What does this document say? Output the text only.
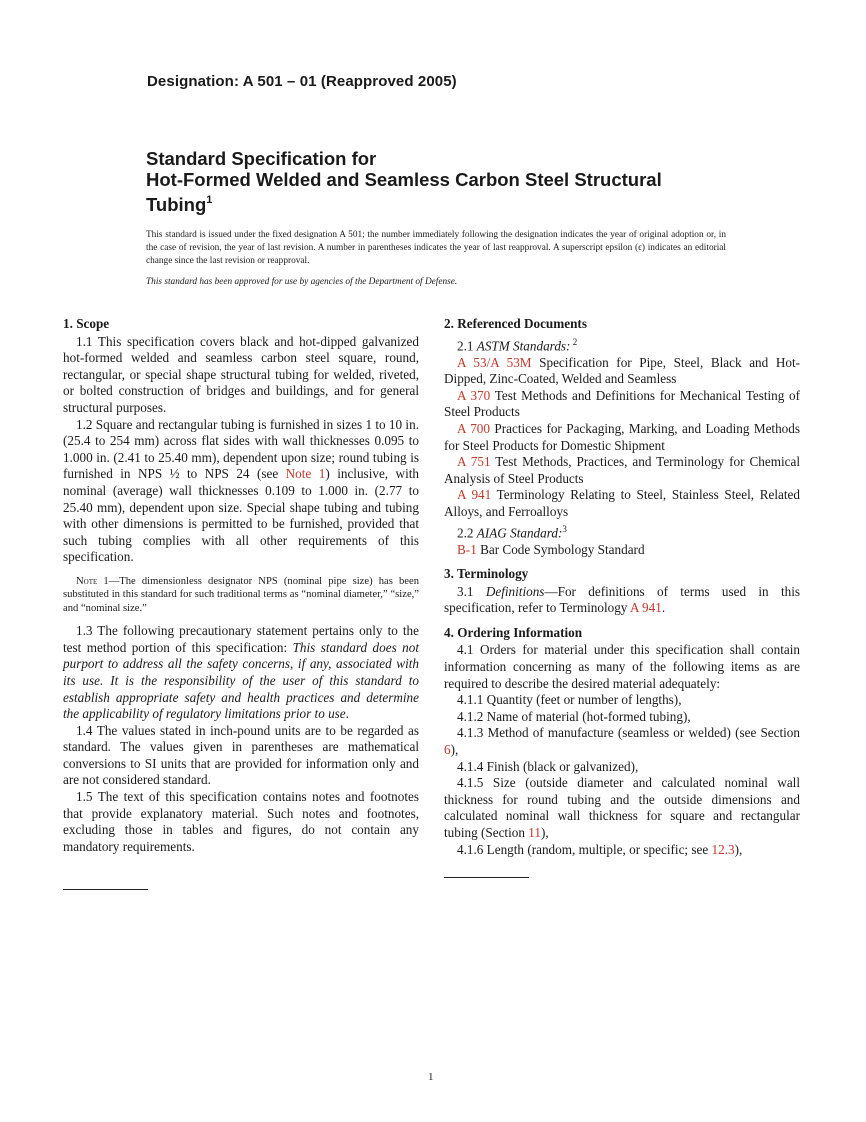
Designation: A 501 – 01 (Reapproved 2005)
Standard Specification for
Hot-Formed Welded and Seamless Carbon Steel Structural
Tubing$^1$
This standard is issued under the fixed designation A 501; the number immediately following the designation indicates the year of original adoption or, in the case of revision, the year of last revision. A number in parentheses indicates the year of last reapproval. A superscript epsilon (ϵ) indicates an editorial change since the last revision or reapproval.
This standard has been approved for use by agencies of the Department of Defense.
1. Scope

1.1 This specification covers black and hot-dipped galvanized hot-formed welded and seamless carbon steel square, round, rectangular, or special shape structural tubing for welded, riveted, or bolted construction of bridges and buildings, and for general structural purposes.

1.2 Square and rectangular tubing is furnished in sizes 1 to 10 in. (25.4 to 254 mm) across flat sides with wall thicknesses 0.095 to 1.000 in. (2.41 to 25.40 mm), dependent upon size; round tubing is furnished in NPS ½ to NPS 24 (see Note 1) inclusive, with nominal (average) wall thicknesses 0.109 to 1.000 in. (2.77 to 25.40 mm), dependent upon size. Special shape tubing and tubing with other dimensions is permitted to be furnished, provided that such tubing complies with all other requirements of this specification.

Note 1—The dimensionless designator NPS (nominal pipe size) has been substituted in this standard for such traditional terms as “nominal diameter,” “size,” and “nominal size.”

1.3 The following precautionary statement pertains only to the test method portion of this specification: This standard does not purport to address all the safety concerns, if any, associated with its use. It is the responsibility of the user of this standard to establish appropriate safety and health practices and determine the applicability of regulatory limitations prior to use.

1.4 The values stated in inch-pound units are to be regarded as standard. The values given in parentheses are mathematical conversions to SI units that are provided for information only and are not considered standard.

1.5 The text of this specification contains notes and footnotes that provide explanatory material. Such notes and footnotes, excluding those in tables and figures, do not contain any mandatory requirements.

2. Referenced Documents

2.1 ASTM Standards: $^2$

A 53/A 53M Specification for Pipe, Steel, Black and Hot-Dipped, Zinc-Coated, Welded and Seamless

A 370 Test Methods and Definitions for Mechanical Testing of Steel Products

A 700 Practices for Packaging, Marking, and Loading Methods for Steel Products for Domestic Shipment

A 751 Test Methods, Practices, and Terminology for Chemical Analysis of Steel Products

A 941 Terminology Relating to Steel, Stainless Steel, Related Alloys, and Ferroalloys

2.2 AIAG Standard:$^3$

B-1 Bar Code Symbology Standard

3. Terminology

3.1 Definitions—For definitions of terms used in this specification, refer to Terminology A 941.

4. Ordering Information

4.1 Orders for material under this specification shall contain information concerning as many of the following items as are required to describe the desired material adequately:

4.1.1 Quantity (feet or number of lengths),

4.1.2 Name of material (hot-formed tubing),

4.1.3 Method of manufacture (seamless or welded) (see Section 6),

4.1.4 Finish (black or galvanized),

4.1.5 Size (outside diameter and calculated nominal wall thickness for round tubing and the outside dimensions and calculated nominal wall thickness for square and rectangular tubing (Section 11),

4.1.6 Length (random, multiple, or specific; see 12.3),

1
